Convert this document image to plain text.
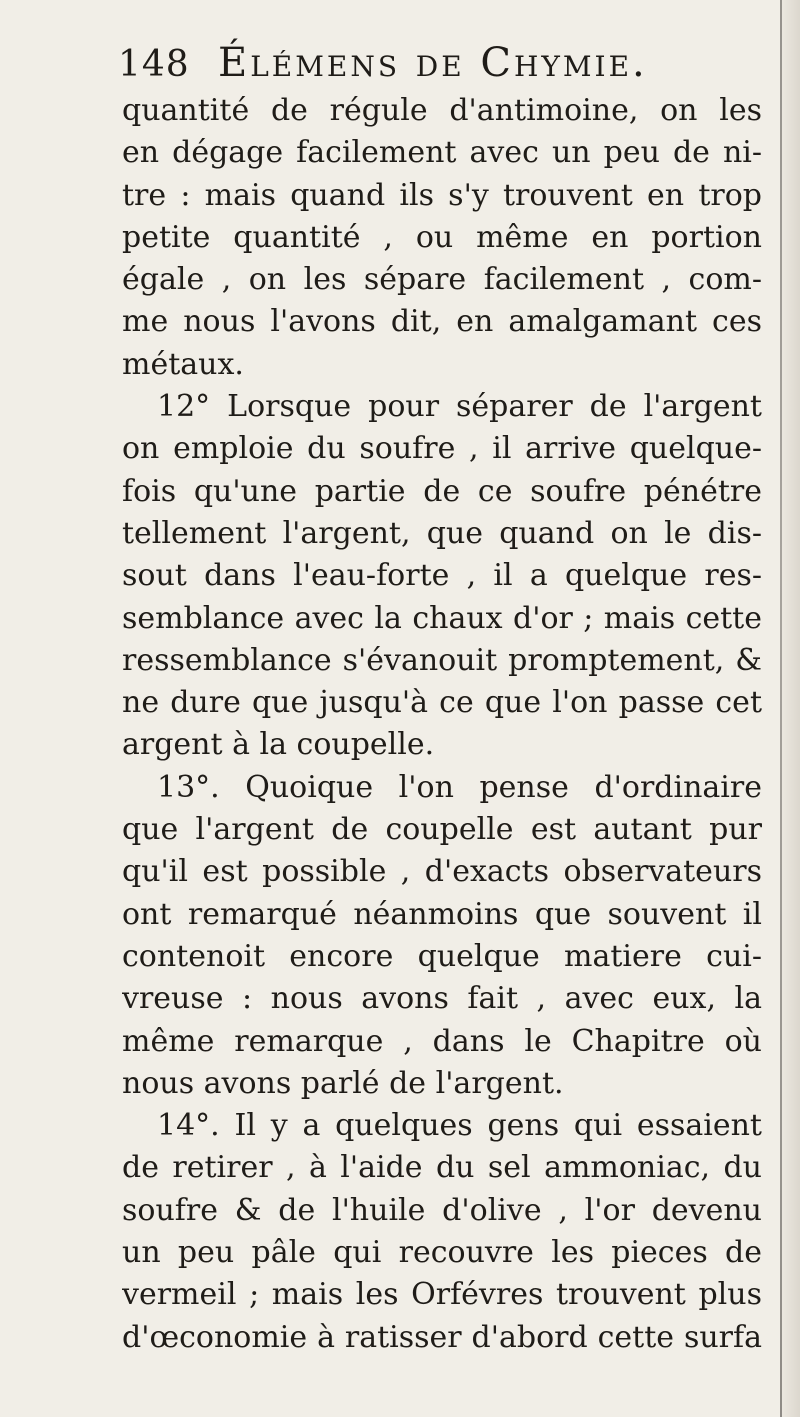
148 Élémens de Chymie.
quantité de régule d'antimoine, on les
en dégage facilement avec un peu de ni-
tre : mais quand ils s'y trouvent en trop
petite quantité , ou même en portion
égale , on les sépare facilement , com-
me nous l'avons dit, en amalgamant ces
métaux.
12° Lorsque pour séparer de l'argent
on emploie du soufre , il arrive quelque-
fois qu'une partie de ce soufre pénétre
tellement l'argent, que quand on le dis-
sout dans l'eau-forte , il a quelque res-
semblance avec la chaux d'or ; mais cette
ressemblance s'évanouit promptement, &
ne dure que jusqu'à ce que l'on passe cet
argent à la coupelle.
13°. Quoique l'on pense d'ordinaire
que l'argent de coupelle est autant pur
qu'il est possible , d'exacts observateurs
ont remarqué néanmoins que souvent il
contenoit encore quelque matiere cui-
vreuse : nous avons fait , avec eux, la
même remarque , dans le Chapitre où
nous avons parlé de l'argent.
14°. Il y a quelques gens qui essaient
de retirer , à l'aide du sel ammoniac, du
soufre & de l'huile d'olive , l'or devenu
un peu pâle qui recouvre les pieces de
vermeil ; mais les Orfévres trouvent plus
d'œconomie à ratisser d'abord cette surfa
